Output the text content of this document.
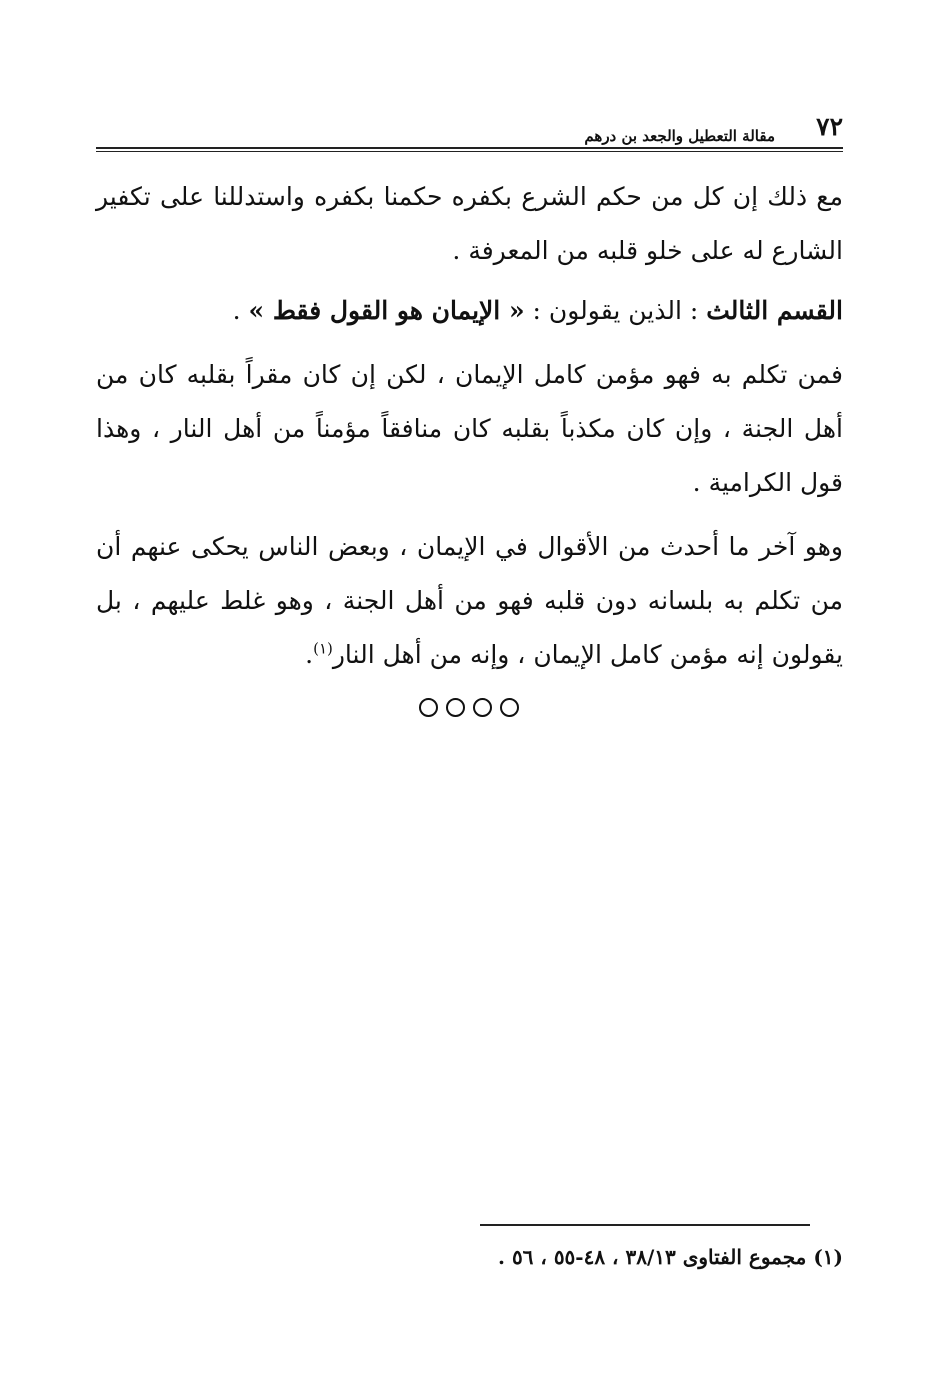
٧٢
مقالة التعطيل والجعد بن درهم

مع ذلك إن كل من حكم الشرع بكفره حكمنا بكفره واستدللنا على تكفير الشارع له على خلو قلبه من المعرفة .

القسم الثالث : الذين يقولون : « الإيمان هو القول فقط » .

فمن تكلم به فهو مؤمن كامل الإيمان ، لكن إن كان مقراً بقلبه كان من أهل الجنة ، وإن كان مكذباً بقلبه كان منافقاً مؤمناً من أهل النار ، وهذا قول الكرامية .

وهو آخر ما أحدث من الأقوال في الإيمان ، وبعض الناس يحكى عنهم أن من تكلم به بلسانه دون قلبه فهو من أهل الجنة ، وهو غلط عليهم ، بل يقولون إنه مؤمن كامل الإيمان ، وإنه من أهل النار$^{(١)}$.

(١) مجموع الفتاوى ٣٨/١٣ ، ٤٨-٥٥ ، ٥٦ .
